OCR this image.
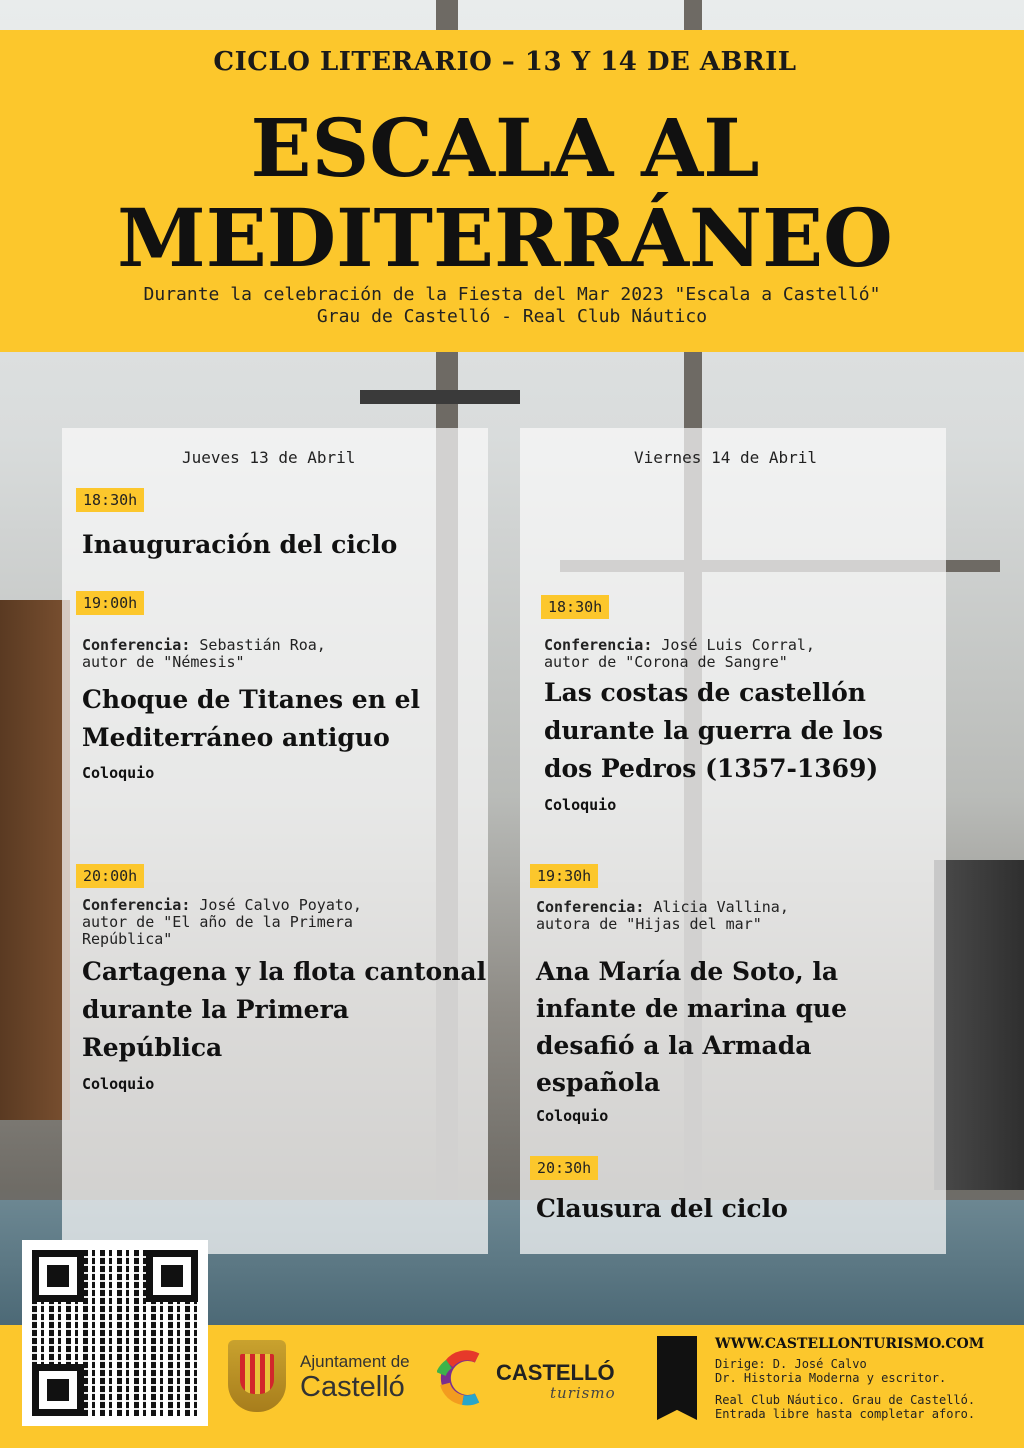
CICLO LITERARIO – 13 Y 14 DE ABRIL
ESCALA AL
MEDITERRÁNEO
Durante la celebración de la Fiesta del Mar 2023 "Escala a Castelló"
Grau de Castelló - Real Club Náutico
Jueves 13 de Abril
18:30h
Inauguración del ciclo
19:00h
Conferencia: Sebastián Roa,
autor de "Némesis"
Choque de Titanes en el
Mediterráneo antiguo
Coloquio
20:00h
Conferencia: José Calvo Poyato,
autor de "El año de la Primera
República"
Cartagena y la flota cantonal
durante la Primera
República
Coloquio
Viernes 14 de Abril
18:30h
Conferencia: José Luis Corral,
autor de "Corona de Sangre"
Las costas de castellón
durante la guerra de los
dos Pedros (1357-1369)
Coloquio
19:30h
Conferencia: Alicia Vallina,
autora de "Hijas del mar"
Ana María de Soto, la
infante de marina que
desafió a la Armada
española
Coloquio
20:30h
Clausura del ciclo
Ajuntament de
Castelló	CASTELLÓ
turismo
WWW.CASTELLONTURISMO.COM
Dirige: D. José Calvo
Dr. Historia Moderna y escritor.
Real Club Náutico. Grau de Castelló.
Entrada libre hasta completar aforo.
